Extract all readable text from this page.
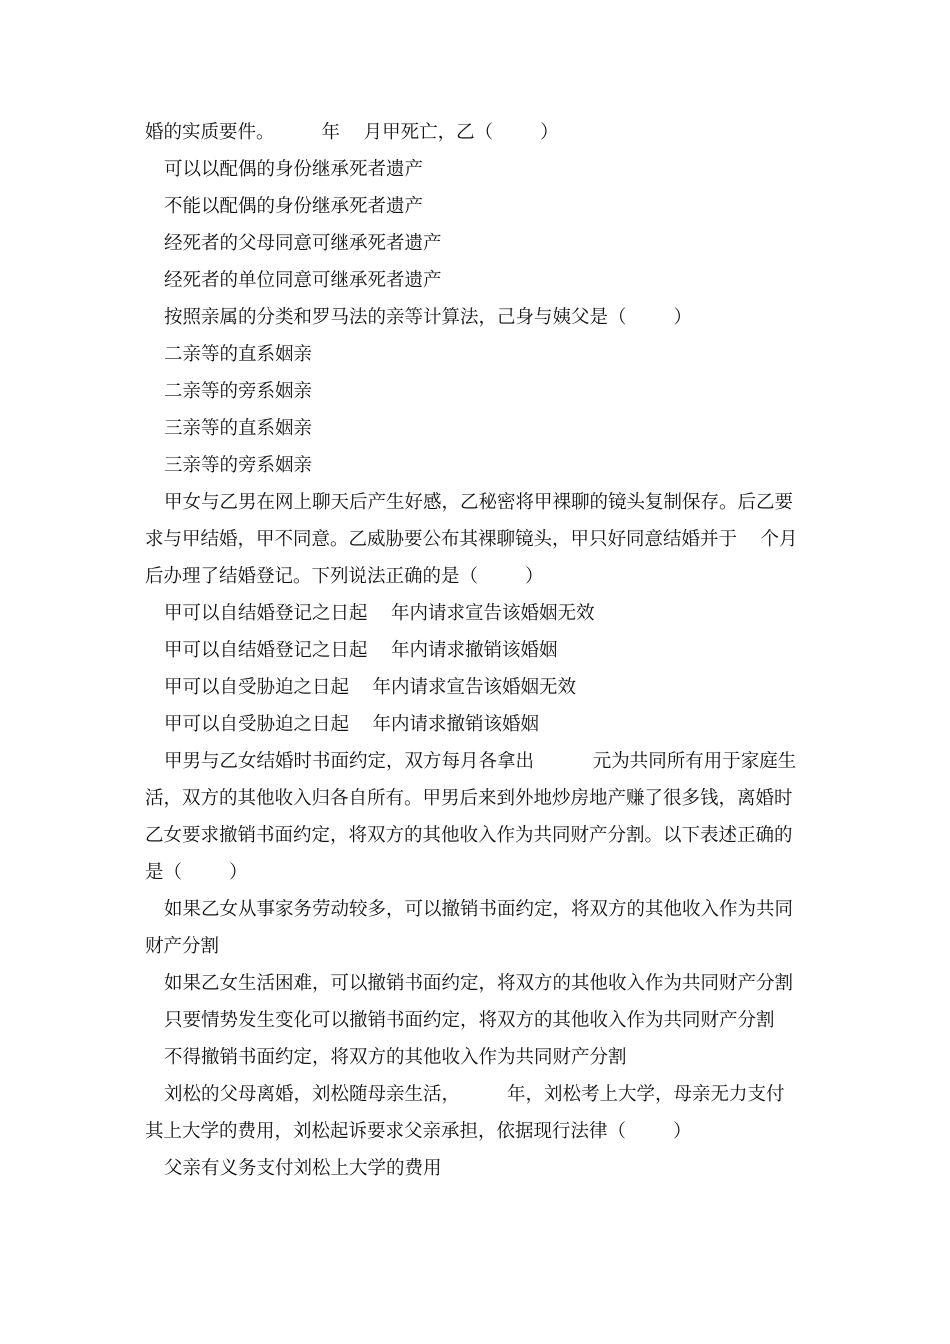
婚的实质要件。        年    月甲死亡，乙（        ）

可以以配偶的身份继承死者遗产

不能以配偶的身份继承死者遗产

经死者的父母同意可继承死者遗产

经死者的单位同意可继承死者遗产

按照亲属的分类和罗马法的亲等计算法，己身与姨父是（        ）

二亲等的直系姻亲

二亲等的旁系姻亲

三亲等的直系姻亲

三亲等的旁系姻亲

甲女与乙男在网上聊天后产生好感，乙秘密将甲裸聊的镜头复制保存。后乙要

求与甲结婚，甲不同意。乙威胁要公布其裸聊镜头，甲只好同意结婚并于    个月

后办理了结婚登记。下列说法正确的是（        ）

甲可以自结婚登记之日起    年内请求宣告该婚姻无效

甲可以自结婚登记之日起    年内请求撤销该婚姻

甲可以自受胁迫之日起    年内请求宣告该婚姻无效

甲可以自受胁迫之日起    年内请求撤销该婚姻

甲男与乙女结婚时书面约定，双方每月各拿出          元为共同所有用于家庭生

活，双方的其他收入归各自所有。甲男后来到外地炒房地产赚了很多钱，离婚时

乙女要求撤销书面约定，将双方的其他收入作为共同财产分割。以下表述正确的

是（        ）

如果乙女从事家务劳动较多，可以撤销书面约定，将双方的其他收入作为共同

财产分割

如果乙女生活困难，可以撤销书面约定，将双方的其他收入作为共同财产分割

只要情势发生变化可以撤销书面约定，将双方的其他收入作为共同财产分割

不得撤销书面约定，将双方的其他收入作为共同财产分割

刘松的父母离婚，刘松随母亲生活，        年，刘松考上大学，母亲无力支付

其上大学的费用，刘松起诉要求父亲承担，依据现行法律（        ）

父亲有义务支付刘松上大学的费用
